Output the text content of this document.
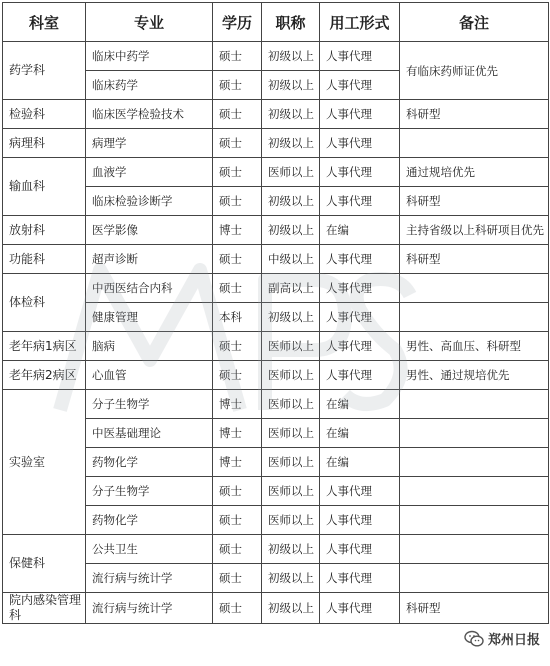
科室	专业	学历	职称	用工形式	备注
药学科	临床中药学	硕士	初级以上	人事代理	有临床药师证优先
	临床药学	硕士	初级以上	人事代理	
检验科	临床医学检验技术	硕士	初级以上	人事代理	科研型
病理科	病理学	硕士	初级以上	人事代理	
输血科	血液学	硕士	医师以上	人事代理	通过规培优先
	临床检验诊断学	硕士	初级以上	人事代理	科研型
放射科	医学影像	博士	初级以上	在编	主持省级以上科研项目优先
功能科	超声诊断	硕士	中级以上	人事代理	科研型
体检科	中西医结合内科	硕士	副高以上	人事代理	
	健康管理	本科	初级以上	人事代理	
老年病1病区	脑病	硕士	医师以上	人事代理	男性、高血压、科研型
老年病2病区	心血管	硕士	医师以上	人事代理	男性、通过规培优先
实验室	分子生物学	博士	医师以上	在编	
	中医基础理论	博士	医师以上	在编	
	药物化学	博士	医师以上	在编	
	分子生物学	硕士	医师以上	人事代理	
	药物化学	硕士	医师以上	人事代理	
保健科	公共卫生	硕士	初级以上	人事代理	
	流行病与统计学	硕士	初级以上	人事代理	
院内感染管理科	流行病与统计学	硕士	初级以上	人事代理	科研型
MPS
郑州日报
